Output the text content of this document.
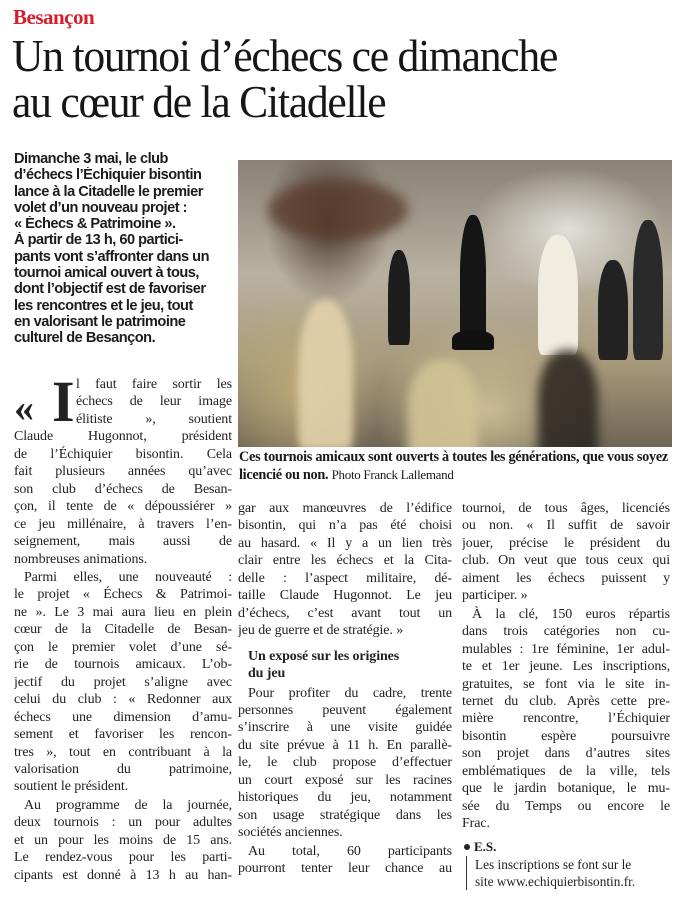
Besançon
Un tournoi d’échecs ce dimanche
au cœur de la Citadelle
Dimanche 3 mai, le club
d’échecs l’Échiquier bisontin
lance à la Citadelle le premier
volet d’un nouveau projet :
« Échecs & Patrimoine ».
À partir de 13 h, 60 partici-
pants vont s’affronter dans un
tournoi amical ouvert à tous,
dont l’objectif est de favoriser
les rencontres et le jeu, tout
en valorisant le patrimoine
culturel de Besançon.
Ces tournois amicaux sont ouverts à toutes les générations, que vous soyez licencié ou non. Photo Franck Lallemand
« I l faut faire sortir les
échecs de leur image
élitiste », soutient
Claude Hugonnot, président
de l’Échiquier bisontin. Cela
fait plusieurs années qu’avec
son club d’échecs de Besan-
çon, il tente de « dépoussiérer »
ce jeu millénaire, à travers l’en-
seignement, mais aussi de
nombreuses animations.
Parmi elles, une nouveauté :
le projet « Échecs & Patrimoi-
ne ». Le 3 mai aura lieu en plein
cœur de la Citadelle de Besan-
çon le premier volet d’une sé-
rie de tournois amicaux. L’ob-
jectif du projet s’aligne avec
celui du club : « Redonner aux
échecs une dimension d’amu-
sement et favoriser les rencon-
tres », tout en contribuant à la
valorisation du patrimoine,
soutient le président.
Au programme de la journée,
deux tournois : un pour adultes
et un pour les moins de 15 ans.
Le rendez-vous pour les parti-
cipants est donné à 13 h au han-
gar aux manœuvres de l’édifice
bisontin, qui n’a pas été choisi
au hasard. « Il y a un lien très
clair entre les échecs et la Cita-
delle : l’aspect militaire, dé-
taille Claude Hugonnot. Le jeu
d’échecs, c’est avant tout un
jeu de guerre et de stratégie. »
Un exposé sur les origines
du jeu
Pour profiter du cadre, trente
personnes peuvent également
s’inscrire à une visite guidée
du site prévue à 11 h. En parallè-
le, le club propose d’effectuer
un court exposé sur les racines
historiques du jeu, notamment
son usage stratégique dans les
sociétés anciennes.
Au total, 60 participants
pourront tenter leur chance au
tournoi, de tous âges, licenciés
ou non. « Il suffit de savoir
jouer, précise le président du
club. On veut que tous ceux qui
aiment les échecs puissent y
participer. »
À la clé, 150 euros répartis
dans trois catégories non cu-
mulables : 1re féminine, 1er adul-
te et 1er jeune. Les inscriptions,
gratuites, se font via le site in-
ternet du club. Après cette pre-
mière rencontre, l’Échiquier
bisontin espère poursuivre
son projet dans d’autres sites
emblématiques de la ville, tels
que le jardin botanique, le mu-
sée du Temps ou encore le
Frac.
E.S.
Les inscriptions se font sur le
site www.echiquierbisontin.fr.
